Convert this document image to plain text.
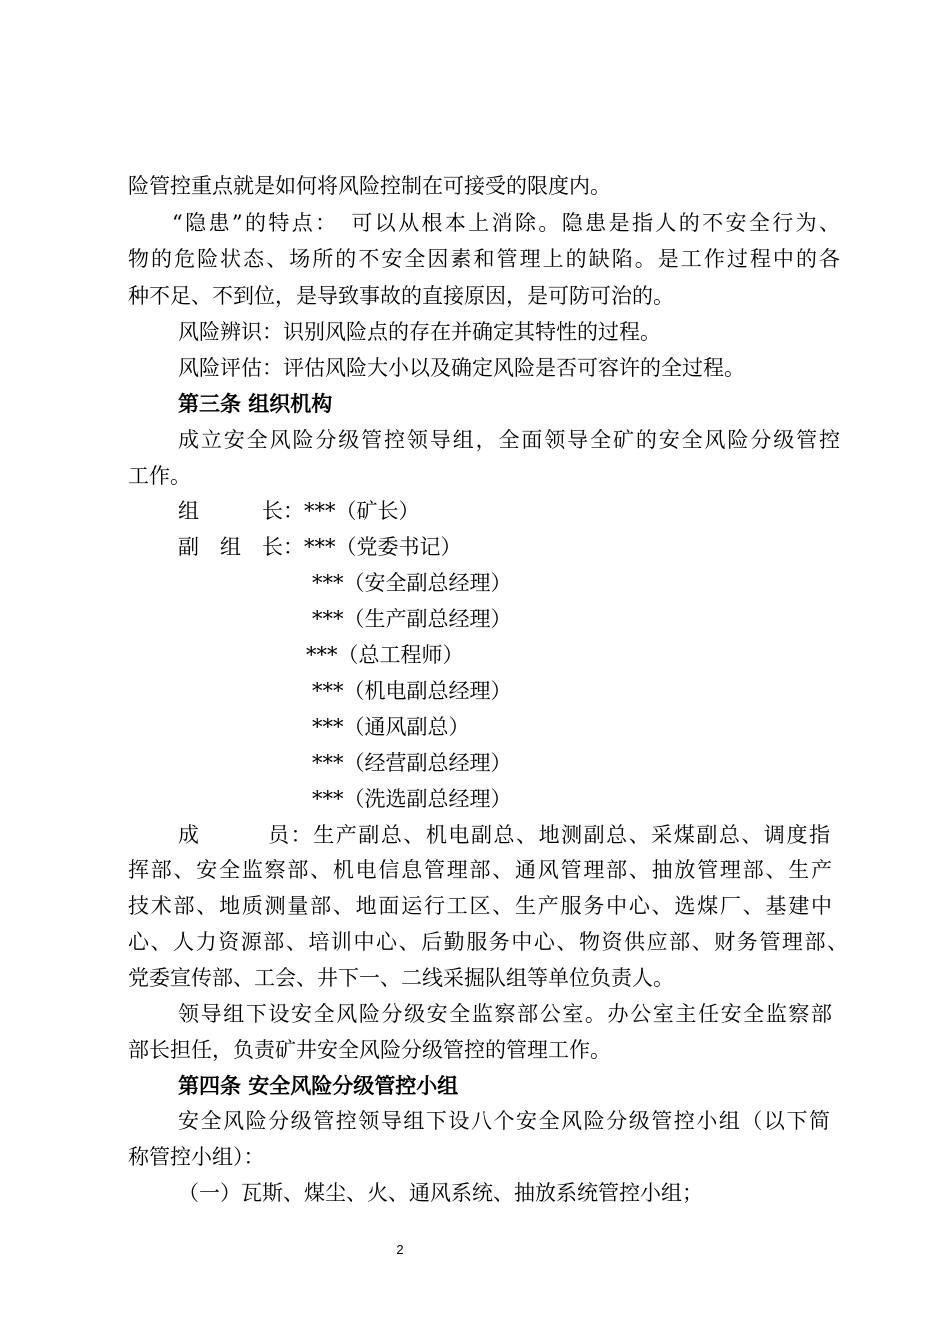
险管控重点就是如何将风险控制在可接受的限度内。
“隐患”的特点：　可以从根本上消除。隐患是指人的不安全行为、
物的危险状态、场所的不安全因素和管理上的缺陷。是工作过程中的各
种不足、不到位，是导致事故的直接原因，是可防可治的。
风险辨识：识别风险点的存在并确定其特性的过程。
风险评估：评估风险大小以及确定风险是否可容许的全过程。
第三条 组织机构
成立安全风险分级管控领导组，全面领导全矿的安全风险分级管控
工作。
组　　　长：***（矿长）
副　组　长：***（党委书记）
***（安全副总经理）
***（生产副总经理）
***（总工程师）
***（机电副总经理）
***（通风副总）
***（经营副总经理）
***（洗选副总经理）
成　　　员：生产副总、机电副总、地测副总、采煤副总、调度指
挥部、安全监察部、机电信息管理部、通风管理部、抽放管理部、生产
技术部、地质测量部、地面运行工区、生产服务中心、选煤厂、基建中
心、人力资源部、培训中心、后勤服务中心、物资供应部、财务管理部、
党委宣传部、工会、井下一、二线采掘队组等单位负责人。
领导组下设安全风险分级安全监察部公室。办公室主任安全监察部
部长担任，负责矿井安全风险分级管控的管理工作。
第四条 安全风险分级管控小组
安全风险分级管控领导组下设八个安全风险分级管控小组（以下简
称管控小组）：
（一）瓦斯、煤尘、火、通风系统、抽放系统管控小组；
2
